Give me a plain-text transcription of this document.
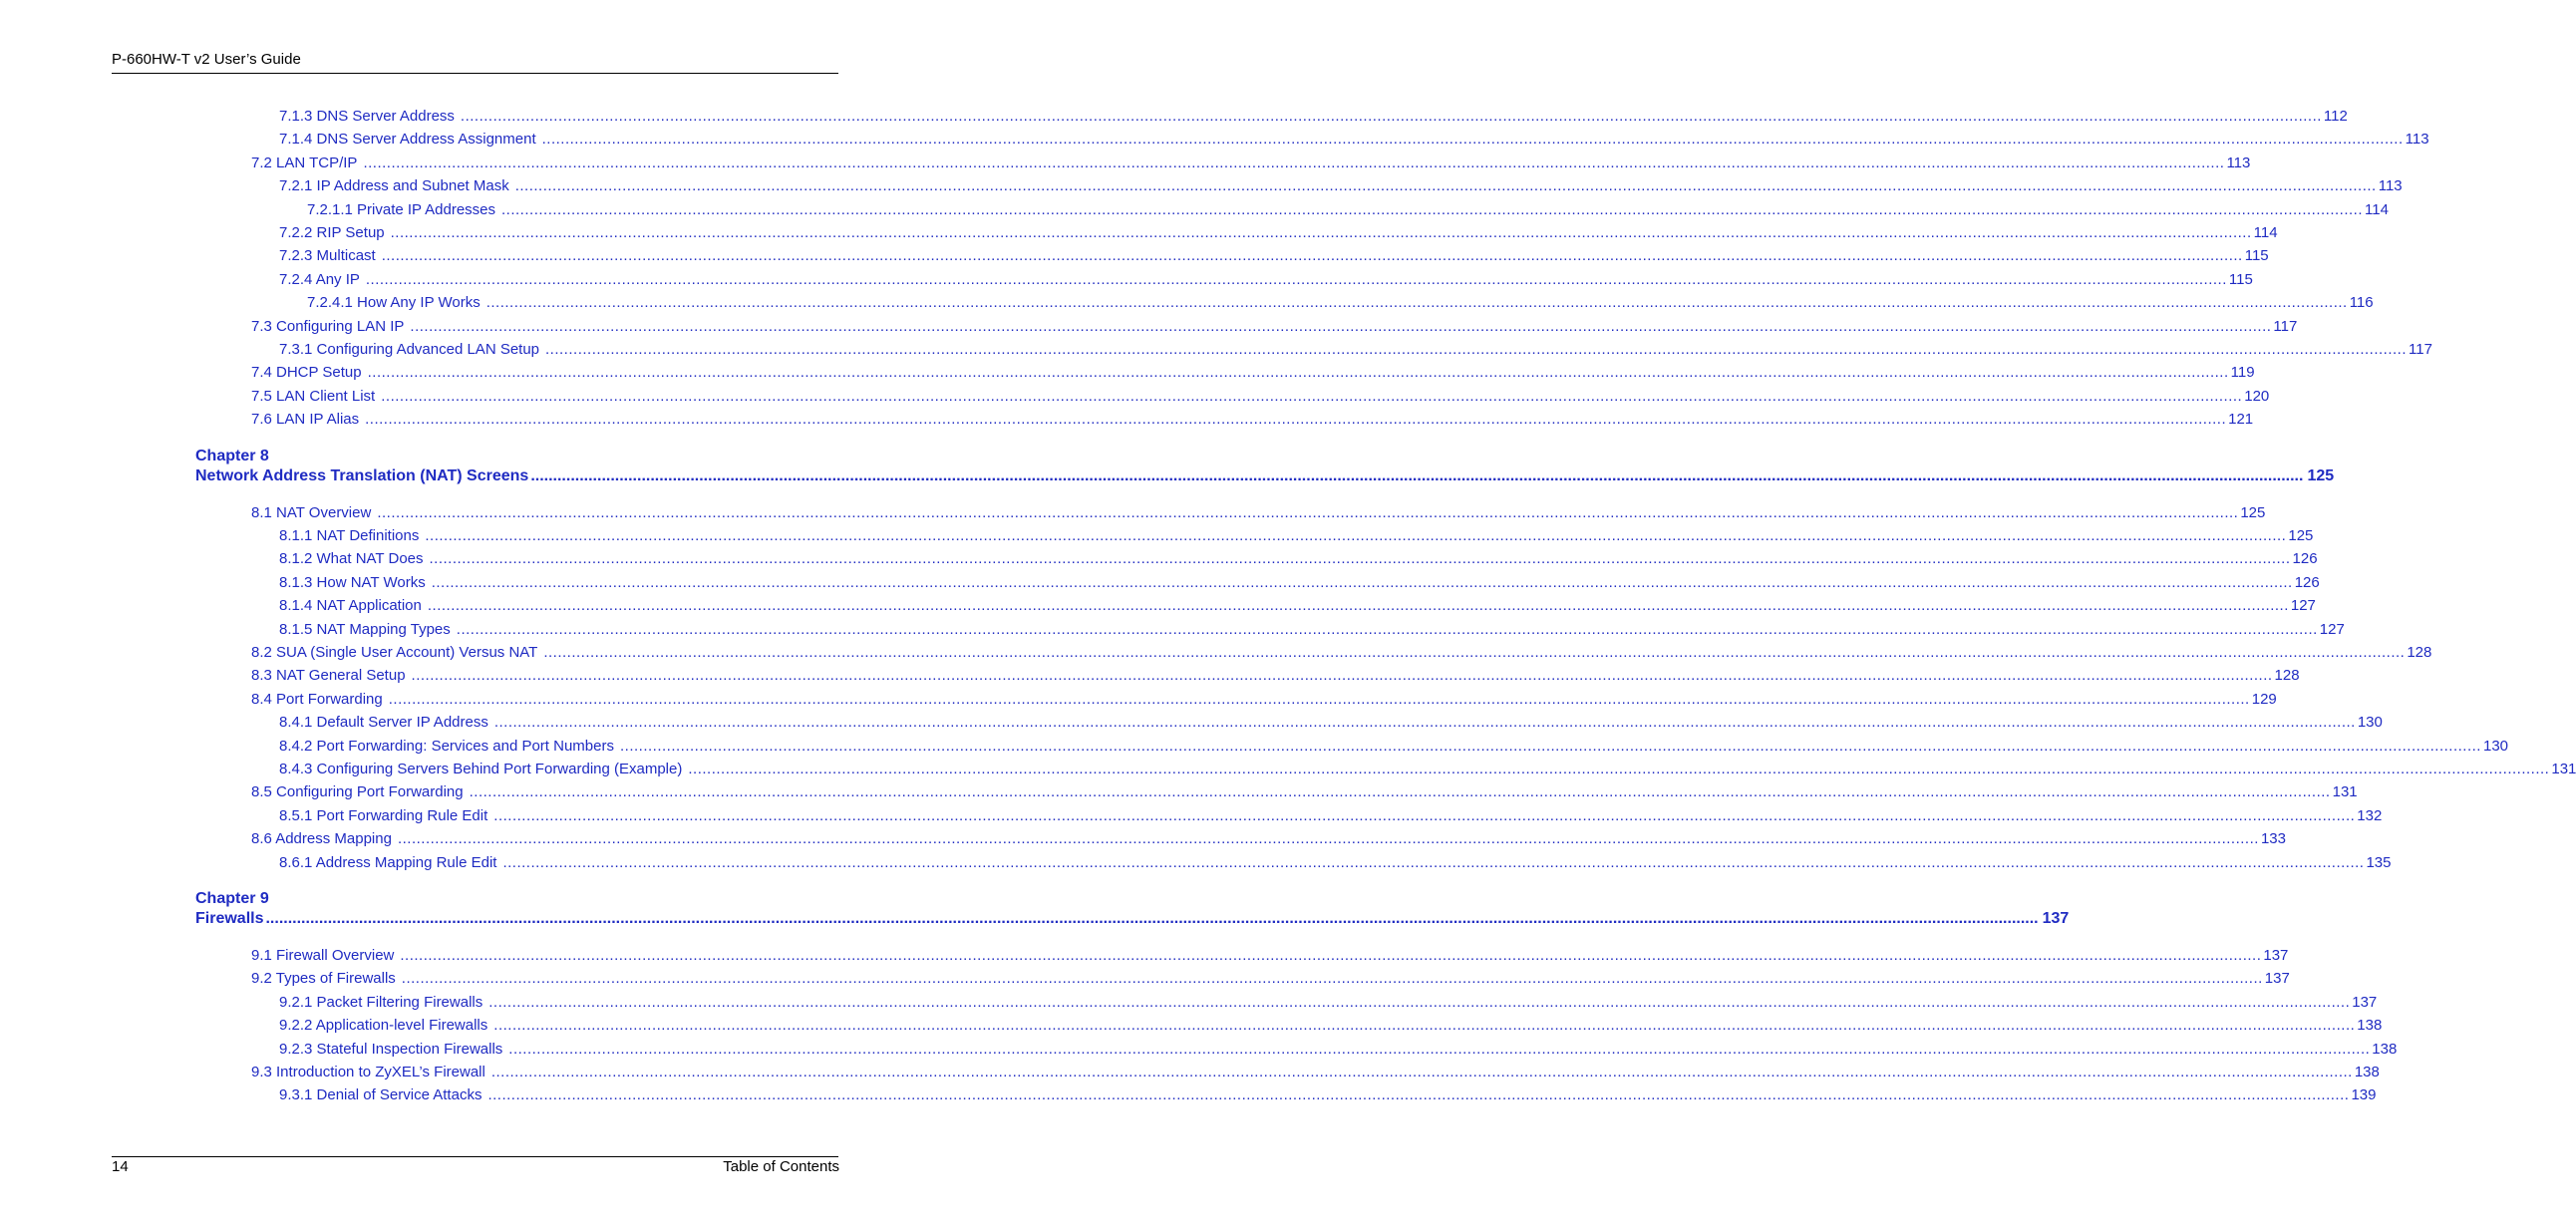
P-660HW-T v2 User’s Guide
7.1.3 DNS Server Address ................................................................................................................................................................................................................................................................................................................................................................................................................ 112
7.1.4 DNS Server Address Assignment ................................................................................................................................................................................................................................................................................................................................................................................................................ 113
7.2 LAN TCP/IP ................................................................................................................................................................................................................................................................................................................................................................................................................ 113
7.2.1 IP Address and Subnet Mask ................................................................................................................................................................................................................................................................................................................................................................................................................ 113
7.2.1.1 Private IP Addresses ................................................................................................................................................................................................................................................................................................................................................................................................................ 114
7.2.2 RIP Setup ................................................................................................................................................................................................................................................................................................................................................................................................................ 114
7.2.3 Multicast ................................................................................................................................................................................................................................................................................................................................................................................................................ 115
7.2.4 Any IP ................................................................................................................................................................................................................................................................................................................................................................................................................ 115
7.2.4.1 How Any IP Works ................................................................................................................................................................................................................................................................................................................................................................................................................ 116
7.3 Configuring LAN IP ................................................................................................................................................................................................................................................................................................................................................................................................................ 117
7.3.1 Configuring Advanced LAN Setup ................................................................................................................................................................................................................................................................................................................................................................................................................ 117
7.4 DHCP Setup ................................................................................................................................................................................................................................................................................................................................................................................................................ 119
7.5 LAN Client List ................................................................................................................................................................................................................................................................................................................................................................................................................ 120
7.6 LAN IP Alias ................................................................................................................................................................................................................................................................................................................................................................................................................ 121
Chapter 8
Network Address Translation (NAT) Screens ................................................................................................................................................................................................................................................................................................................................................................................................................ 125
8.1 NAT Overview ................................................................................................................................................................................................................................................................................................................................................................................................................ 125
8.1.1 NAT Definitions ................................................................................................................................................................................................................................................................................................................................................................................................................ 125
8.1.2 What NAT Does ................................................................................................................................................................................................................................................................................................................................................................................................................ 126
8.1.3 How NAT Works ................................................................................................................................................................................................................................................................................................................................................................................................................ 126
8.1.4 NAT Application ................................................................................................................................................................................................................................................................................................................................................................................................................ 127
8.1.5 NAT Mapping Types ................................................................................................................................................................................................................................................................................................................................................................................................................ 127
8.2 SUA (Single User Account) Versus NAT ................................................................................................................................................................................................................................................................................................................................................................................................................ 128
8.3 NAT General Setup ................................................................................................................................................................................................................................................................................................................................................................................................................ 128
8.4 Port Forwarding ................................................................................................................................................................................................................................................................................................................................................................................................................ 129
8.4.1 Default Server IP Address ................................................................................................................................................................................................................................................................................................................................................................................................................ 130
8.4.2 Port Forwarding: Services and Port Numbers ................................................................................................................................................................................................................................................................................................................................................................................................................ 130
8.4.3 Configuring Servers Behind Port Forwarding (Example) ................................................................................................................................................................................................................................................................................................................................................................................................................ 131
8.5 Configuring Port Forwarding ................................................................................................................................................................................................................................................................................................................................................................................................................ 131
8.5.1 Port Forwarding Rule Edit ................................................................................................................................................................................................................................................................................................................................................................................................................ 132
8.6 Address Mapping ................................................................................................................................................................................................................................................................................................................................................................................................................ 133
8.6.1 Address Mapping Rule Edit ................................................................................................................................................................................................................................................................................................................................................................................................................ 135
Chapter 9
Firewalls ................................................................................................................................................................................................................................................................................................................................................................................................................ 137
9.1 Firewall Overview ................................................................................................................................................................................................................................................................................................................................................................................................................ 137
9.2 Types of Firewalls ................................................................................................................................................................................................................................................................................................................................................................................................................ 137
9.2.1 Packet Filtering Firewalls ................................................................................................................................................................................................................................................................................................................................................................................................................ 137
9.2.2 Application-level Firewalls ................................................................................................................................................................................................................................................................................................................................................................................................................ 138
9.2.3 Stateful Inspection Firewalls ................................................................................................................................................................................................................................................................................................................................................................................................................ 138
9.3 Introduction to ZyXEL’s Firewall ................................................................................................................................................................................................................................................................................................................................................................................................................ 138
9.3.1 Denial of Service Attacks ................................................................................................................................................................................................................................................................................................................................................................................................................ 139
14	Table of Contents
